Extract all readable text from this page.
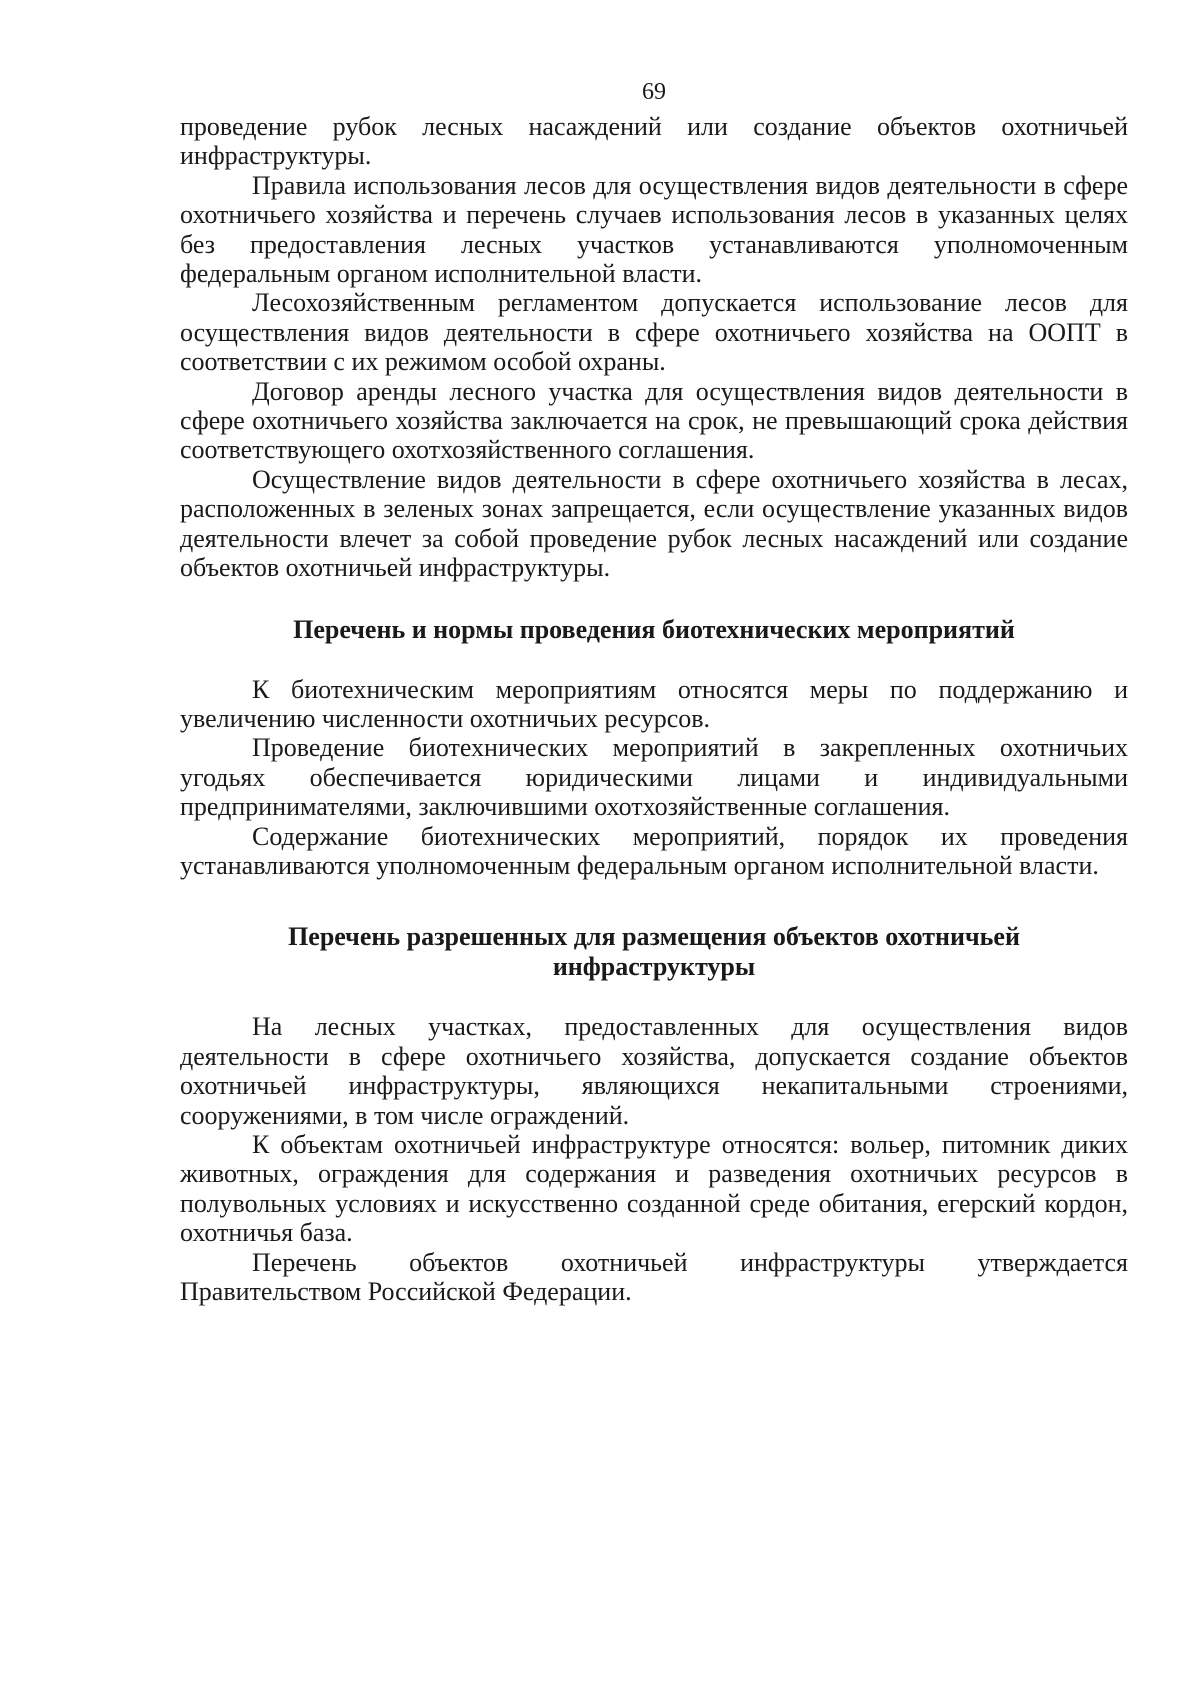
69

проведение рубок лесных насаждений или создание объектов охотничьей инфраструктуры.

Правила использования лесов для осуществления видов деятельности в сфере охотничьего хозяйства и перечень случаев использования лесов в указанных целях без предоставления лесных участков устанавливаются уполномоченным федеральным органом исполнительной власти.

Лесохозяйственным регламентом допускается использование лесов для осуществления видов деятельности в сфере охотничьего хозяйства на ООПТ в соответствии с их режимом особой охраны.

Договор аренды лесного участка для осуществления видов деятельности в сфере охотничьего хозяйства заключается на срок, не превышающий срока действия соответствующего охотхозяйственного соглашения.

Осуществление видов деятельности в сфере охотничьего хозяйства в лесах, расположенных в зеленых зонах запрещается, если осуществление указанных видов деятельности влечет за собой проведение рубок лесных насаждений или создание объектов охотничьей инфраструктуры.

Перечень и нормы проведения биотехнических мероприятий

К биотехническим мероприятиям относятся меры по поддержанию и увеличению численности охотничьих ресурсов.

Проведение биотехнических мероприятий в закрепленных охотничьих угодьях обеспечивается юридическими лицами и индивидуальными предпринимателями, заключившими охотхозяйственные соглашения.

Содержание биотехнических мероприятий, порядок их проведения устанавливаются уполномоченным федеральным органом исполнительной власти.

Перечень разрешенных для размещения объектов охотничьей инфраструктуры

На лесных участках, предоставленных для осуществления видов деятельности в сфере охотничьего хозяйства, допускается создание объектов охотничьей инфраструктуры, являющихся некапитальными строениями, сооружениями, в том числе ограждений.

К объектам охотничьей инфраструктуре относятся: вольер, питомник диких животных, ограждения для содержания и разведения охотничьих ресурсов в полувольных условиях и искусственно созданной среде обитания, егерский кордон, охотничья база.

Перечень объектов охотничьей инфраструктуры утверждается Правительством Российской Федерации.
